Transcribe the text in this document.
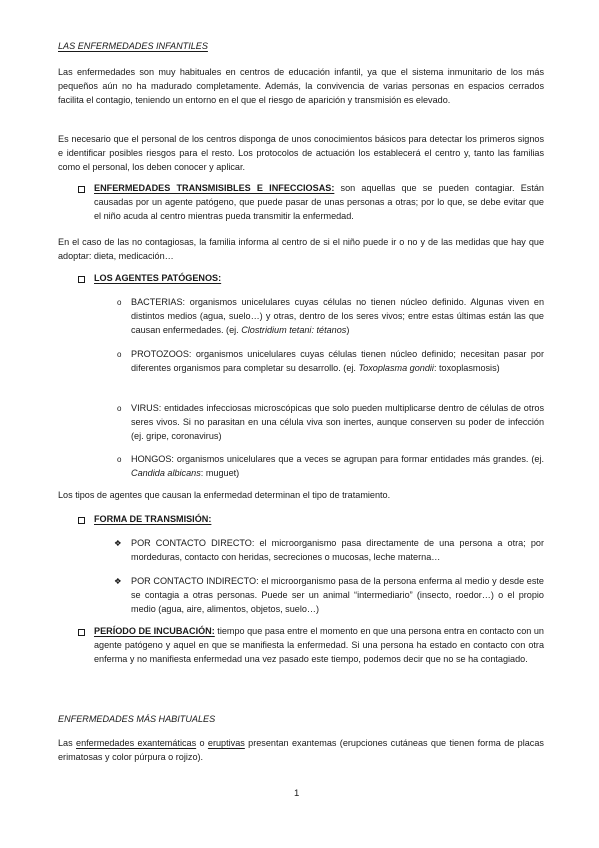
LAS ENFERMEDADES INFANTILES
Las enfermedades son muy habituales en centros de educación infantil, ya que el sistema inmunitario de los más pequeños aún no ha madurado completamente. Además, la convivencia de varias personas en espacios cerrados facilita el contagio, teniendo un entorno en el que el riesgo de aparición y transmisión es elevado.
Es necesario que el personal de los centros disponga de unos conocimientos básicos para detectar los primeros signos e identificar posibles riesgos para el resto. Los protocolos de actuación los establecerá el centro y, tanto las familias como el personal, los deben conocer y aplicar.
ENFERMEDADES TRANSMISIBLES E INFECCIOSAS: son aquellas que se pueden contagiar. Están causadas por un agente patógeno, que puede pasar de unas personas a otras; por lo que, se debe evitar que el niño acuda al centro mientras pueda transmitir la enfermedad.
En el caso de las no contagiosas, la familia informa al centro de si el niño puede ir o no y de las medidas que hay que adoptar: dieta, medicación…
LOS AGENTES PATÓGENOS:
o BACTERIAS: organismos unicelulares cuyas células no tienen núcleo definido. Algunas viven en distintos medios (agua, suelo…) y otras, dentro de los seres vivos; entre estas últimas están las que causan enfermedades. (ej. Clostridium tetani: tétanos)
o PROTOZOOS: organismos unicelulares cuyas células tienen núcleo definido; necesitan pasar por diferentes organismos para completar su desarrollo. (ej. Toxoplasma gondii: toxoplasmosis)
o VIRUS: entidades infecciosas microscópicas que solo pueden multiplicarse dentro de células de otros seres vivos. Si no parasitan en una célula viva son inertes, aunque conserven su poder de infección (ej. gripe, coronavirus)
o HONGOS: organismos unicelulares que a veces se agrupan para formar entidades más grandes. (ej. Candida albicans: muguet)
Los tipos de agentes que causan la enfermedad determinan el tipo de tratamiento.
FORMA DE TRANSMISIÓN:
❖ POR CONTACTO DIRECTO: el microorganismo pasa directamente de una persona a otra; por mordeduras, contacto con heridas, secreciones o mucosas, leche materna…
❖ POR CONTACTO INDIRECTO: el microorganismo pasa de la persona enferma al medio y desde este se contagia a otras personas. Puede ser un animal “intermediario” (insecto, roedor…) o el propio medio (agua, aire, alimentos, objetos, suelo…)
PERÍODO DE INCUBACIÓN: tiempo que pasa entre el momento en que una persona entra en contacto con un agente patógeno y aquel en que se manifiesta la enfermedad. Si una persona ha estado en contacto con otra enferma y no manifiesta enfermedad una vez pasado este tiempo, podemos decir que no se ha contagiado.
ENFERMEDADES MÁS HABITUALES
Las enfermedades exantemáticas o eruptivas presentan exantemas (erupciones cutáneas que tienen forma de placas erimatosas y color púrpura o rojizo).
1
